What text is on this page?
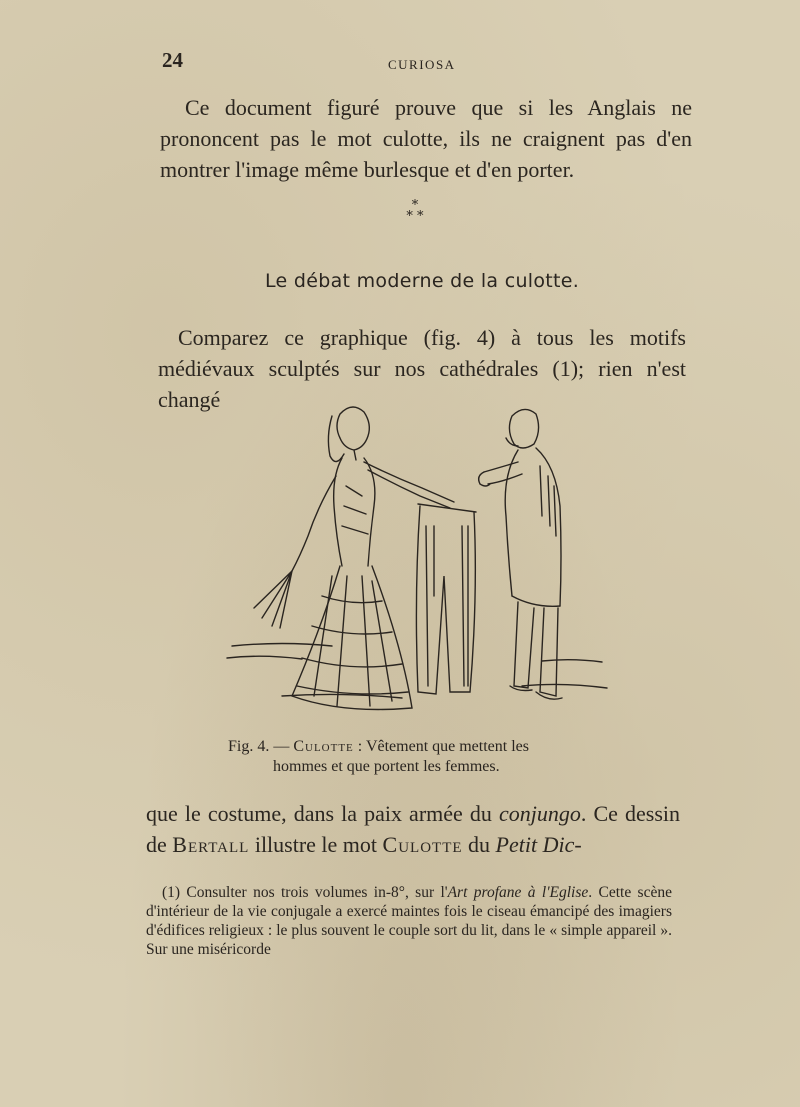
24	CURIOSA

Ce document figuré prouve que si les Anglais ne prononcent pas le mot culotte, ils ne craignent pas d'en montrer l'image même burlesque et d'en porter.

*
* *
Le débat moderne de la culotte.

Comparez ce graphique (fig. 4) à tous les motifs médiévaux sculptés sur nos cathédrales (1); rien n'est changé

Fig. 4. — Culotte : Vêtement que mettent les
hommes et que portent les femmes.

que le costume, dans la paix armée du conjungo. Ce dessin de Bertall illustre le mot Culotte du Petit Dic-

(1) Consulter nos trois volumes in-8°, sur l'Art profane à l'Eglise. Cette scène d'intérieur de la vie conjugale a exercé maintes fois le ciseau émancipé des imagiers d'édifices religieux : le plus souvent le couple sort du lit, dans le « simple appareil ». Sur une miséricorde
